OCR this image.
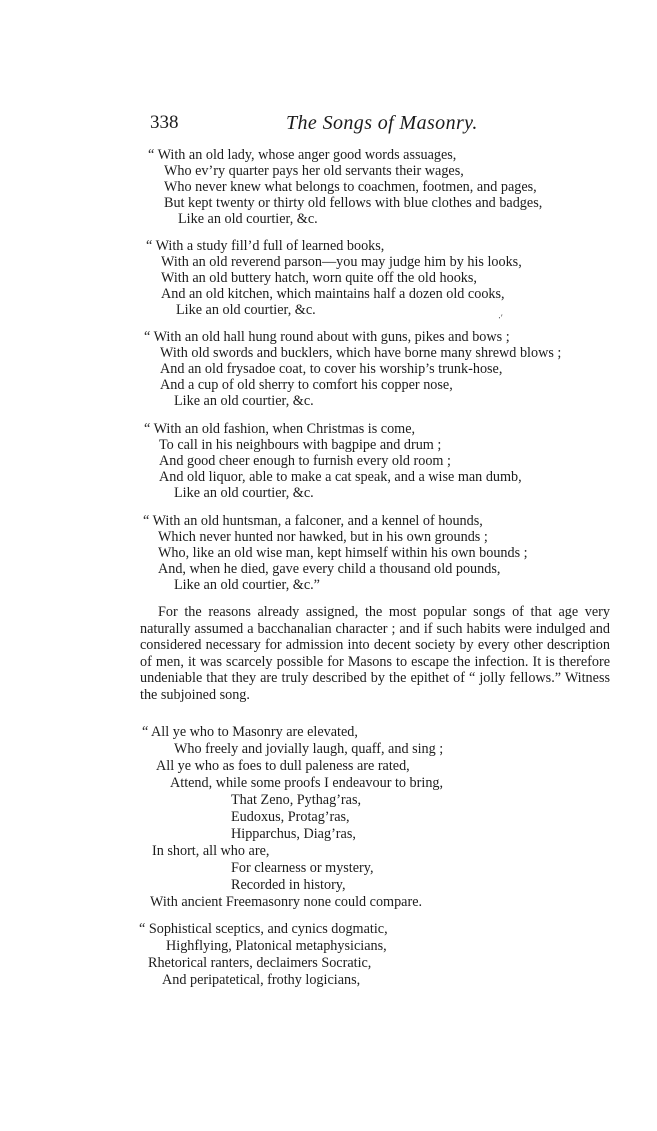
338	The Songs of Masonry.
“ With an old lady, whose anger good words assuages,
Who ev’ry quarter pays her old servants their wages,
Who never knew what belongs to coachmen, footmen, and pages,
But kept twenty or thirty old fellows with blue clothes and badges,
Like an old courtier, &c.
“ With a study fill’d full of learned books,
With an old reverend parson—you may judge him by his looks,
With an old buttery hatch, worn quite off the old hooks,
And an old kitchen, which maintains half a dozen old cooks,
Like an old courtier, &c.	‧′
“ With an old hall hung round about with guns, pikes and bows ;
With old swords and bucklers, which have borne many shrewd blows ;
And an old frysadoe coat, to cover his worship’s trunk-hose,
And a cup of old sherry to comfort his copper nose,
Like an old courtier, &c.
“ With an old fashion, when Christmas is come,
To call in his neighbours with bagpipe and drum ;
And good cheer enough to furnish every old room ;
And old liquor, able to make a cat speak, and a wise man dumb,
Like an old courtier, &c.
“ With an old huntsman, a falconer, and a kennel of hounds,
Which never hunted nor hawked, but in his own grounds ;
Who, like an old wise man, kept himself within his own bounds ;
And, when he died, gave every child a thousand old pounds,
Like an old courtier, &c.”
For the reasons already assigned, the most popular songs of that age very naturally assumed a bacchanalian character ; and if such habits were indulged and considered necessary for admission into decent society by every other description of men, it was scarcely possible for Masons to escape the infection. It is therefore undeniable that they are truly described by the epithet of “ jolly fellows.” Witness the subjoined song.
“ All ye who to Masonry are elevated,
Who freely and jovially laugh, quaff, and sing ;
All ye who as foes to dull paleness are rated,
Attend, while some proofs I endeavour to bring,
That Zeno, Pythag’ras,
Eudoxus, Protag’ras,
Hipparchus, Diag’ras,
In short, all who are,
For clearness or mystery,
Recorded in history,
With ancient Freemasonry none could compare.
“ Sophistical sceptics, and cynics dogmatic,
Highflying, Platonical metaphysicians,
Rhetorical ranters, declaimers Socratic,
And peripatetical, frothy logicians,
